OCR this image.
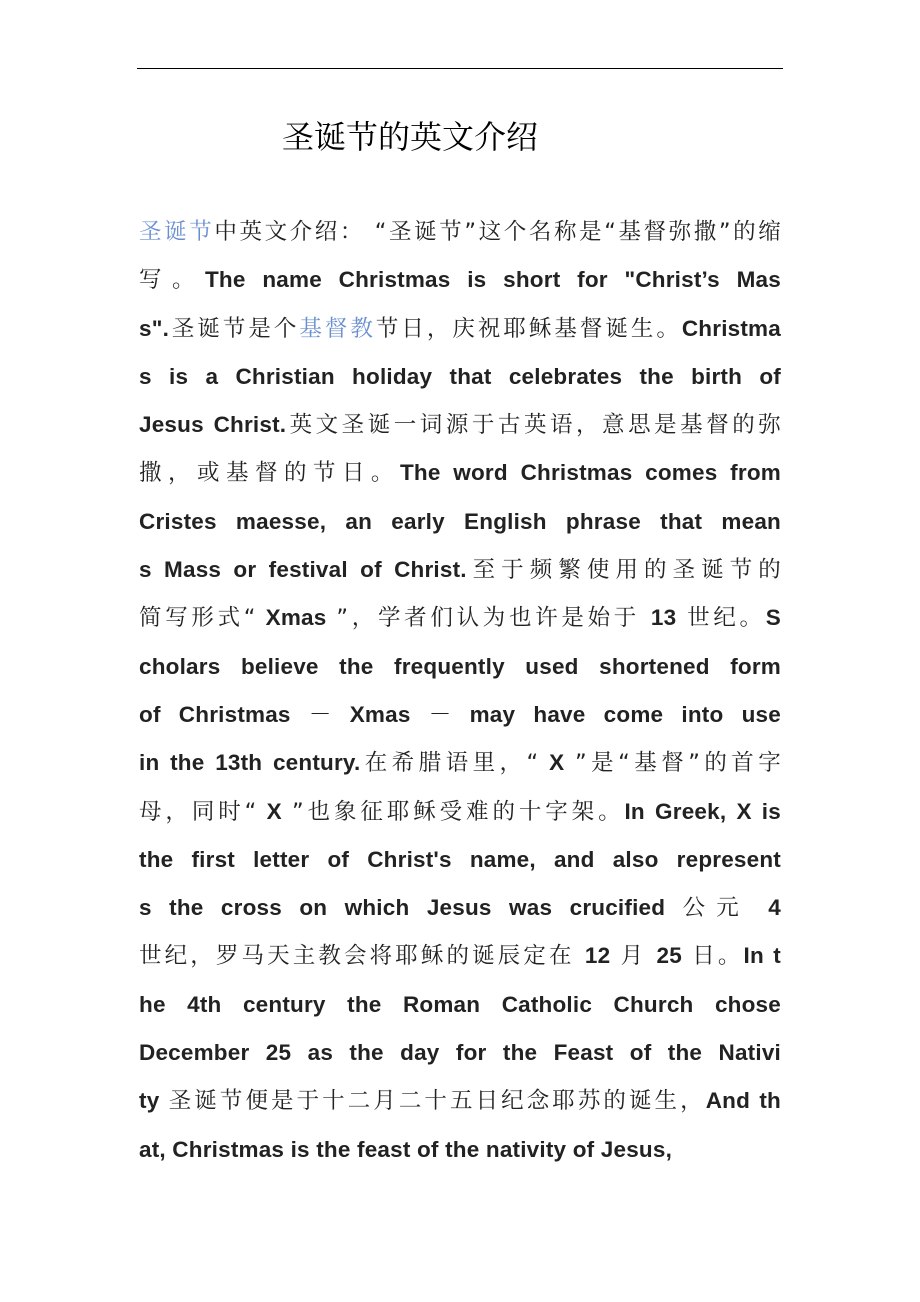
圣诞节的英文介绍
圣诞节中英文介绍： “圣诞节”这个名称是“基督弥撒”的缩
写。The name Christmas is short for "Christ’s Mas
s".圣诞节是个基督教节日，庆祝耶稣基督诞生。Christma
s is a Christian holiday that celebrates the birth of
Jesus Christ.英文圣诞一词源于古英语，意思是基督的弥
撒，或基督的节日。The word Christmas comes from
Cristes maesse, an early English phrase that mean
s Mass or festival of Christ.至于频繁使用的圣诞节的
简写形式“ Xmas ”，学者们认为也许是始于 13 世纪。S
cholars believe the frequently used shortened form
of Christmas － Xmas － may have come into use
in the 13th century.在希腊语里，“ X ”是“基督”的首字
母，同时“ X ”也象征耶稣受难的十字架。In Greek, X is
the first letter of Christ's name, and also represent
s the cross on which Jesus was crucified 公元 4
世纪，罗马天主教会将耶稣的诞辰定在 12 月 25 日。In t
he 4th century the Roman Catholic Church chose
December 25 as the day for the Feast of the Nativi
ty 圣诞节便是于十二月二十五日纪念耶苏的诞生，And th
at, Christmas is the feast of the nativity of Jesus,
